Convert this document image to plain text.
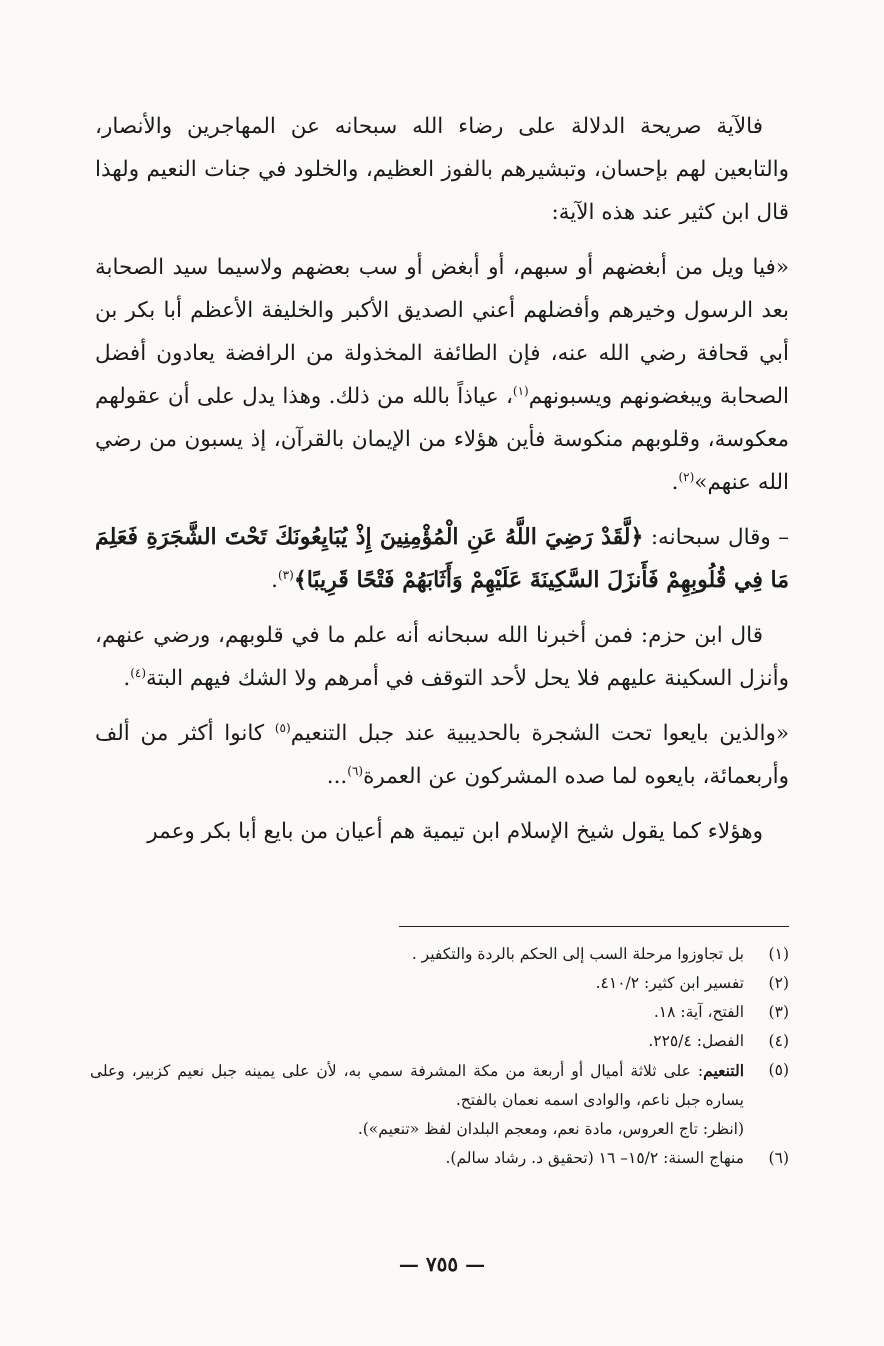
فالآية صريحة الدلالة على رضاء الله سبحانه عن المهاجرين والأنصار، والتابعين لهم بإحسان، وتبشيرهم بالفوز العظيم، والخلود في جنات النعيم ولهذا قال ابن كثير عند هذه الآية:

«فيا ويل من أبغضهم أو سبهم، أو أبغض أو سب بعضهم ولاسيما سيد الصحابة بعد الرسول وخيرهم وأفضلهم أعني الصديق الأكبر والخليفة الأعظم أبا بكر بن أبي قحافة رضي الله عنه، فإن الطائفة المخذولة من الرافضة يعادون أفضل الصحابة ويبغضونهم ويسبونهم$^{(١)}$، عياذاً بالله من ذلك. وهذا يدل على أن عقولهم معكوسة، وقلوبهم منكوسة فأين هؤلاء من الإيمان بالقرآن، إذ يسبون من رضي الله عنهم»$^{(٢)}$.

– وقال سبحانه: ﴿لَّقَدْ رَضِيَ اللَّهُ عَنِ الْمُؤْمِنِينَ إِذْ يُبَايِعُونَكَ تَحْتَ الشَّجَرَةِ فَعَلِمَ مَا فِي قُلُوبِهِمْ فَأَنزَلَ السَّكِينَةَ عَلَيْهِمْ وَأَثَابَهُمْ فَتْحًا قَرِيبًا﴾$^{(٣)}$.

قال ابن حزم: فمن أخبرنا الله سبحانه أنه علم ما في قلوبهم، ورضي عنهم، وأنزل السكينة عليهم فلا يحل لأحد التوقف في أمرهم ولا الشك فيهم البتة$^{(٤)}$.

«والذين بايعوا تحت الشجرة بالحديبية عند جبل التنعيم$^{(٥)}$ كانوا أكثر من ألف وأربعمائة، بايعوه لما صده المشركون عن العمرة$^{(٦)}$...

وهؤلاء كما يقول شيخ الإسلام ابن تيمية هم أعيان من بايع أبا بكر وعمر

(١)
بل تجاوزوا مرحلة السب إلى الحكم بالردة والتكفير .
(٢)
تفسير ابن كثير: ٤١٠/٢.
(٣)
الفتح، آية: ١٨.
(٤)
الفصل: ٢٢٥/٤.
(٥)
التنعيم: على ثلاثة أميال أو أربعة من مكة المشرفة سمي به، لأن على يمينه جبل نعيم كزبير، وعلى يساره جبل ناعم، والوادى اسمه نعمان بالفتح.
(انظر: تاج العروس، مادة نعم، ومعجم البلدان لفظ «تنعيم»).
(٦)
منهاج السنة: ١٥/٢– ١٦ (تحقيق د. رشاد سالم).
— ٧٥٥ —
